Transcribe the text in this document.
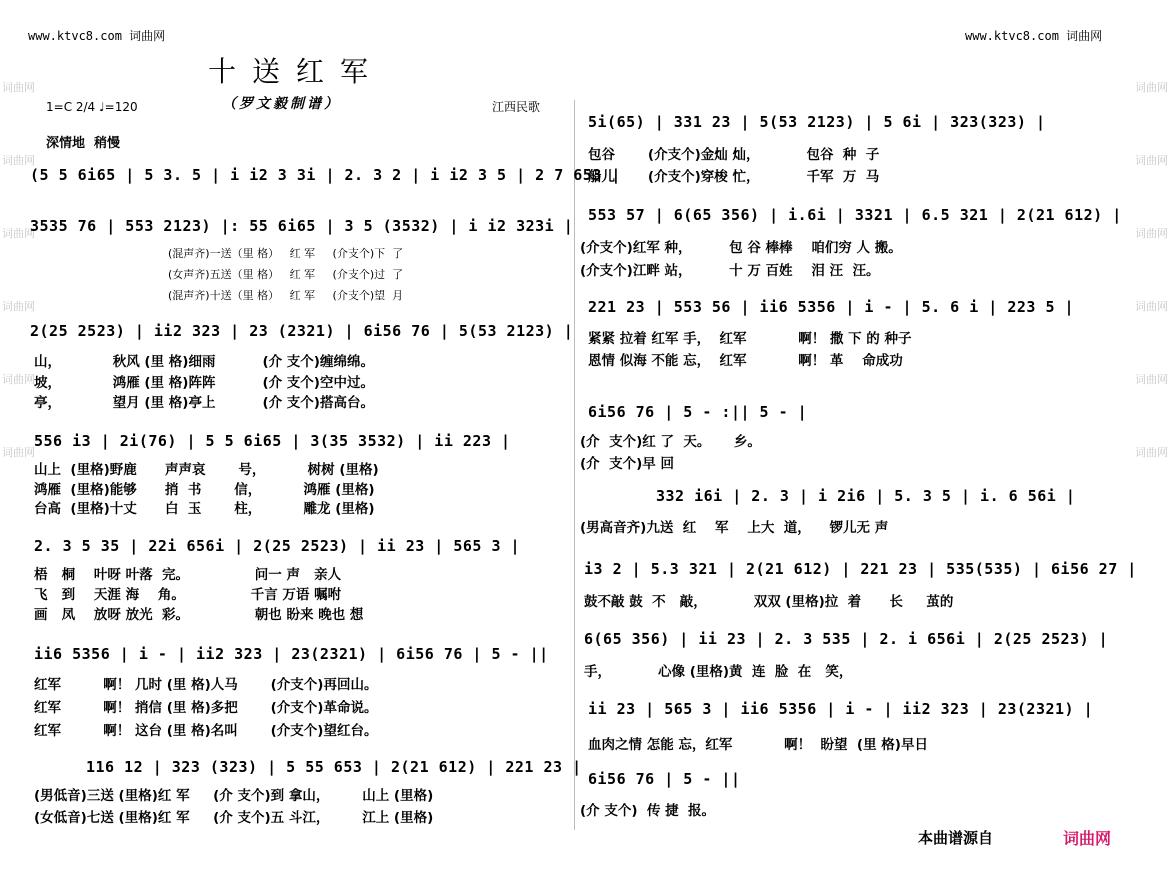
www.ktvc8.com 词曲网	www.ktvc8.com 词曲网

词曲网

词曲网

词曲网

词曲网

词曲网

词曲网

词曲网

词曲网

词曲网

词曲网

词曲网

词曲网

十送红军
（罗文毅制谱）
1=C 2/4 ♩=120	江西民歌
深情地  稍慢
(5 5 6i65 | 5 3. 5 | i i2 3 3i | 2. 3 2 | i i2 3 5 | 2 7 653 |
3535 76 | 553 2123) |: 55 6i65 | 3 5 (3532) | i i2 323i |
(混声齐)一送（里 格）   红 军     (介支个)下  了
(女声齐)五送（里 格）   红 军     (介支个)过  了
(混声齐)十送（里 格）   红 军     (介支个)望  月
2(25 2523) | ii2 323 | 23 (2321) | 6i56 76 | 5(53 2123) |
山，           秋风 (里 格)细雨          (介 支个)缠绵绵。
坡，           鸿雁 (里 格)阵阵          (介 支个)空中过。
亭，           望月 (里 格)亭上          (介 支个)搭高台。
556 i3 | 2i(76) | 5 5 6i65 | 3(35 3532) | ii 223 |
山上  (里格)野鹿      声声哀       号，         树树 (里格)
鸿雁  (里格)能够      捎  书       信，         鸿雁 (里格)
台高  (里格)十丈      白  玉       柱，         雕龙 (里格)
2. 3 5 35 | 22i 656i | 2(25 2523) | ii 23 | 565 3 |
梧   桐    叶呀 叶落  完。              问一 声   亲人
飞   到    天涯 海    角。              千言 万语 嘱咐
画   凤    放呀 放光  彩。              朝也 盼来 晚也 想
ii6 5356 | i - | ii2 323 | 23(2321) | 6i56 76 | 5 - ||
红军         啊！ 几时 (里 格)人马       (介支个)再回山。
红军         啊！ 捎信 (里 格)多把       (介支个)革命说。
红军         啊！ 这台 (里 格)名叫       (介支个)望红台。
116 12 | 323 (323) | 5 55 653 | 2(21 612) | 221 23 |
(男低音)三送 (里格)红 军     (介 支个)到 拿山，       山上 (里格)
(女低音)七送 (里格)红 军     (介 支个)五 斗江，       江上 (里格)
5i(65) | 331 23 | 5(53 2123) | 5 6i | 323(323) |
包谷       (介支个)金灿 灿，          包谷  种  子
船儿       (介支个)穿梭 忙，          千军  万  马
553 57 | 6(65 356) | i.6i | 3321 | 6.5 321 | 2(21 612) |
(介支个)红军 种，        包 谷 棒棒    咱们穷 人 搬。
(介支个)江畔 站，        十 万 百姓    泪 汪  汪。
221 23 | 553 56 | ii6 5356 | i - | 5. 6 i | 223 5 |
紧紧 拉着 红军 手，  红军           啊！ 撒 下 的 种子
恩情 似海 不能 忘，  红军           啊！ 革    命成功
6i56 76 | 5 - :|| 5 - |
(介  支个)红 了  天。     乡。
(介  支个)早 回
332 i6i | 2. 3 | i 2i6 | 5. 3 5 | i. 6 56i |
(男高音齐)九送  红    军    上大  道，    锣儿无 声
i3 2 | 5.3 321 | 2(21 612) | 221 23 | 535(535) | 6i56 27 |
鼓不敲 鼓  不   敲，          双双 (里格)拉  着      长     茧的
6(65 356) | ii 23 | 2. 3 535 | 2. i 656i | 2(25 2523) |
手，          心像 (里格)黄  连  脸  在   笑，
ii 23 | 565 3 | ii6 5356 | i - | ii2 323 | 23(2321) |
血肉之情 怎能 忘，红军           啊！  盼望  (里 格)早日
6i56 76 | 5 - ||
(介 支个)  传 捷  报。
本曲谱源自	词曲网
